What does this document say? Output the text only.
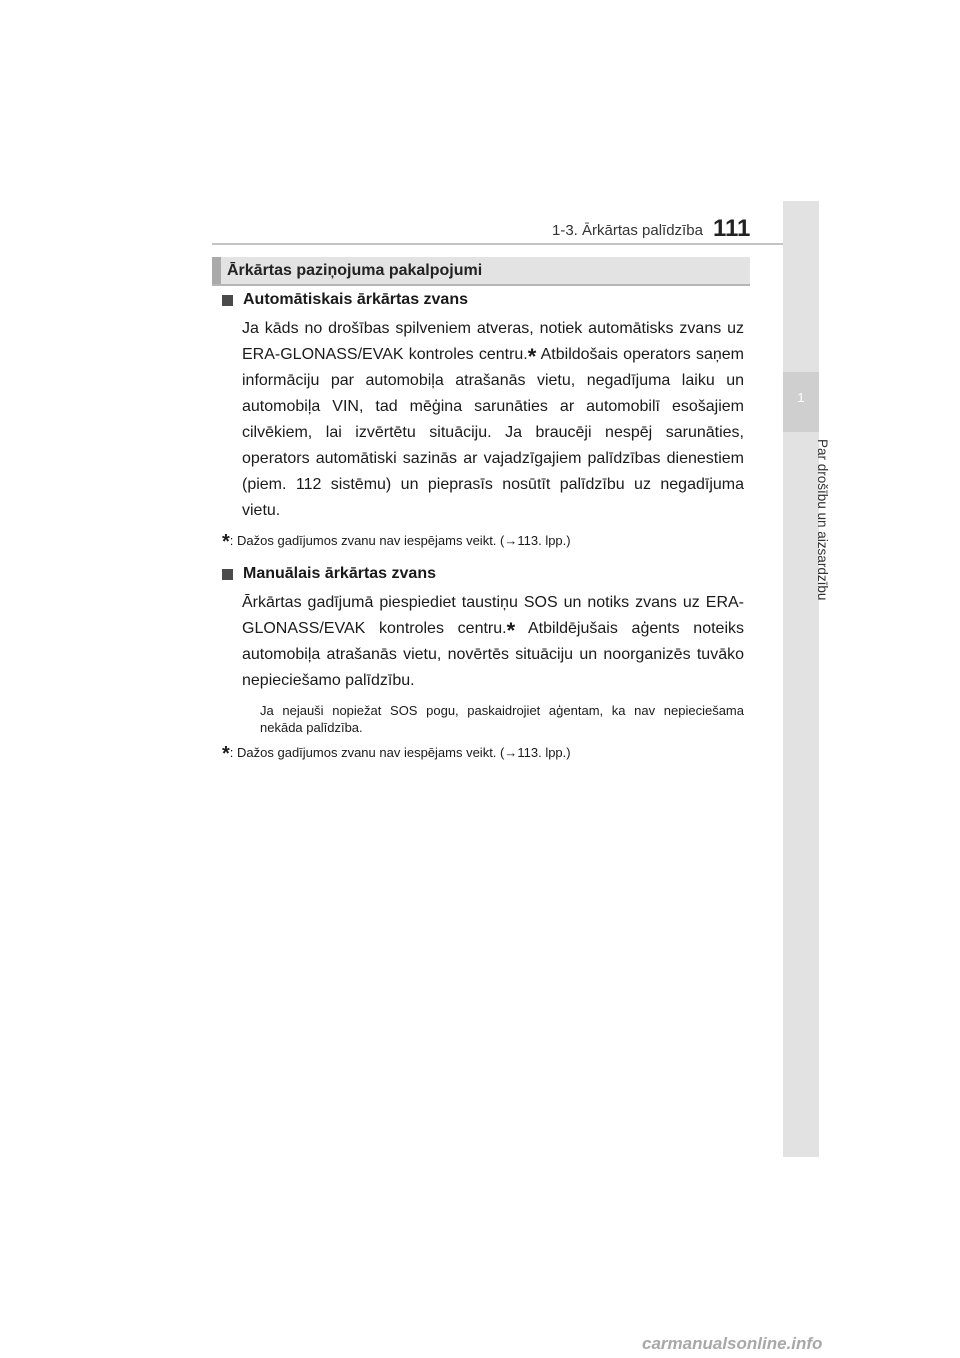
1-3. Ārkārtas palīdzība 111
1
Par drošību un aizsardzību
Ārkārtas paziņojuma pakalpojumi
Automātiskais ārkārtas zvans
Ja kāds no drošības spilveniem atveras, notiek automātisks zvans uz ERA-GLONASS/EVAK kontroles centru.* Atbildošais operators saņem informāciju par automobiļa atrašanās vietu, negadījuma laiku un automobiļa VIN, tad mēģina sarunāties ar automobilī esošajiem cilvēkiem, lai izvērtētu situāciju. Ja braucēji nespēj sarunāties, operators automātiski sazinās ar vajadzīgajiem palīdzības dienestiem (piem. 112 sistēmu) un pieprasīs nosūtīt palīdzību uz negadījuma vietu.
*: Dažos gadījumos zvanu nav iespējams veikt. (→113. lpp.)
Manuālais ārkārtas zvans
Ārkārtas gadījumā piespiediet taustiņu SOS un notiks zvans uz ERA-GLONASS/EVAK kontroles centru.* Atbildējušais aģents noteiks automobiļa atrašanās vietu, novērtēs situāciju un noorganizēs tuvāko nepieciešamo palīdzību.
Ja nejauši nopiežat SOS pogu, paskaidrojiet aģentam, ka nav nepieciešama nekāda palīdzība.
*: Dažos gadījumos zvanu nav iespējams veikt. (→113. lpp.)
carmanualsonline.info
